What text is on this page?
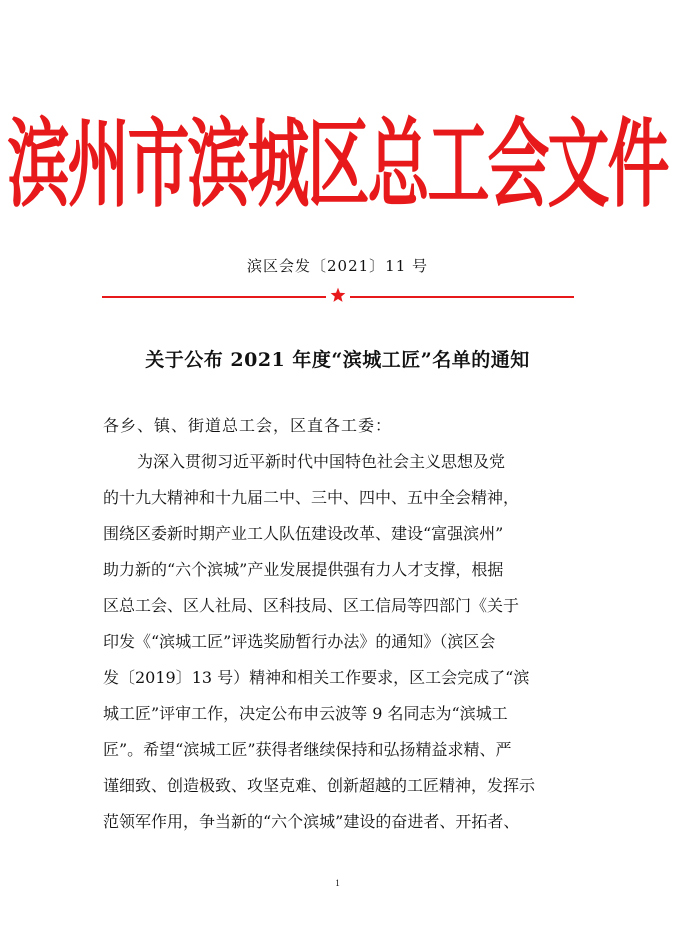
滨州市滨城区总工会文件
滨区会发〔2021〕11 号
关于公布 2021 年度“滨城工匠”名单的通知
各乡、镇、街道总工会，区直各工委：
为深入贯彻习近平新时代中国特色社会主义思想及党
的十九大精神和十九届二中、三中、四中、五中全会精神，
围绕区委新时期产业工人队伍建设改革、建设“富强滨州”
助力新的“六个滨城”产业发展提供强有力人才支撑，根据
区总工会、区人社局、区科技局、区工信局等四部门《关于
印发《“滨城工匠”评选奖励暂行办法》的通知》（滨区会
发〔2019〕13 号）精神和相关工作要求，区工会完成了“滨
城工匠”评审工作，决定公布申云波等 9 名同志为“滨城工
匠”。希望“滨城工匠”获得者继续保持和弘扬精益求精、严
谨细致、创造极致、攻坚克难、创新超越的工匠精神，发挥示
范领军作用，争当新的“六个滨城”建设的奋进者、开拓者、
1
